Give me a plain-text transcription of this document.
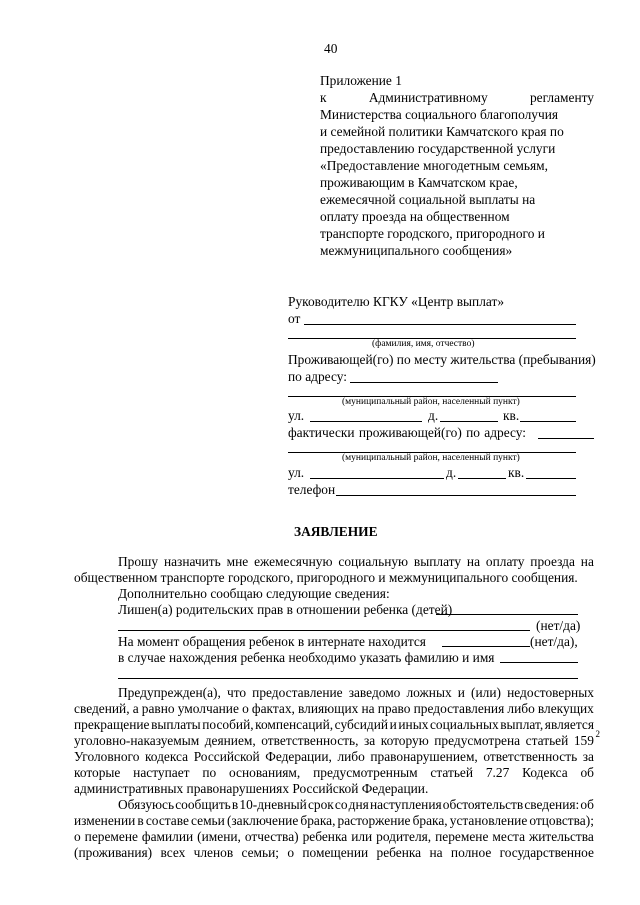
40
Приложение 1
к	Административному	регламенту
Министерства социального благополучия
и семейной политики Камчатского края по
предоставлению государственной услуги
«Предоставление многодетным семьям,
проживающим в Камчатском крае,
ежемесячной социальной выплаты на
оплату проезда на общественном
транспорте городского, пригородного и
межмуниципального сообщения»
Руководителю КГКУ «Центр выплат»
от
(фамилия, имя, отчество)
Проживающей(го) по месту жительства (пребывания)
по адресу:
(муниципальный район, населенный пункт)
ул.	д.	кв.
фактически проживающей(го) по адресу:
(муниципальный район, населенный пункт)
ул.	д.	кв.
телефон
ЗАЯВЛЕНИЕ
Прошу назначить мне ежемесячную социальную выплату на оплату проезда на
общественном транспорте городского, пригородного и межмуниципального сообщения.
Дополнительно сообщаю следующие сведения:
Лишен(а) родительских прав в отношении ребенка (детей)
(нет/да)
На момент обращения ребенок в интернате находится	(нет/да),
в случае нахождения ребенка необходимо указать фамилию и имя
Предупрежден(а), что предоставление заведомо ложных и (или) недостоверных
сведений, а равно умолчание о фактах, влияющих на право предоставления либо влекущих
прекращение выплаты пособий, компенсаций, субсидий и иных социальных выплат, является
уголовно-наказуемым деянием, ответственность, за которую предусмотрена статьей 159 2
Уголовного кодекса Российской Федерации, либо правонарушением, ответственность за
которые наступает по основаниям, предусмотренным статьей 7.27 Кодекса об
административных правонарушениях Российской Федерации.
Обязуюсь сообщить в 10-дневный срок со дня наступления обстоятельств сведения: об
изменении в составе семьи (заключение брака, расторжение брака, установление отцовства);
о перемене фамилии (имени, отчества) ребенка или родителя, перемене места жительства
(проживания) всех членов семьи; о помещении ребенка на полное государственное
